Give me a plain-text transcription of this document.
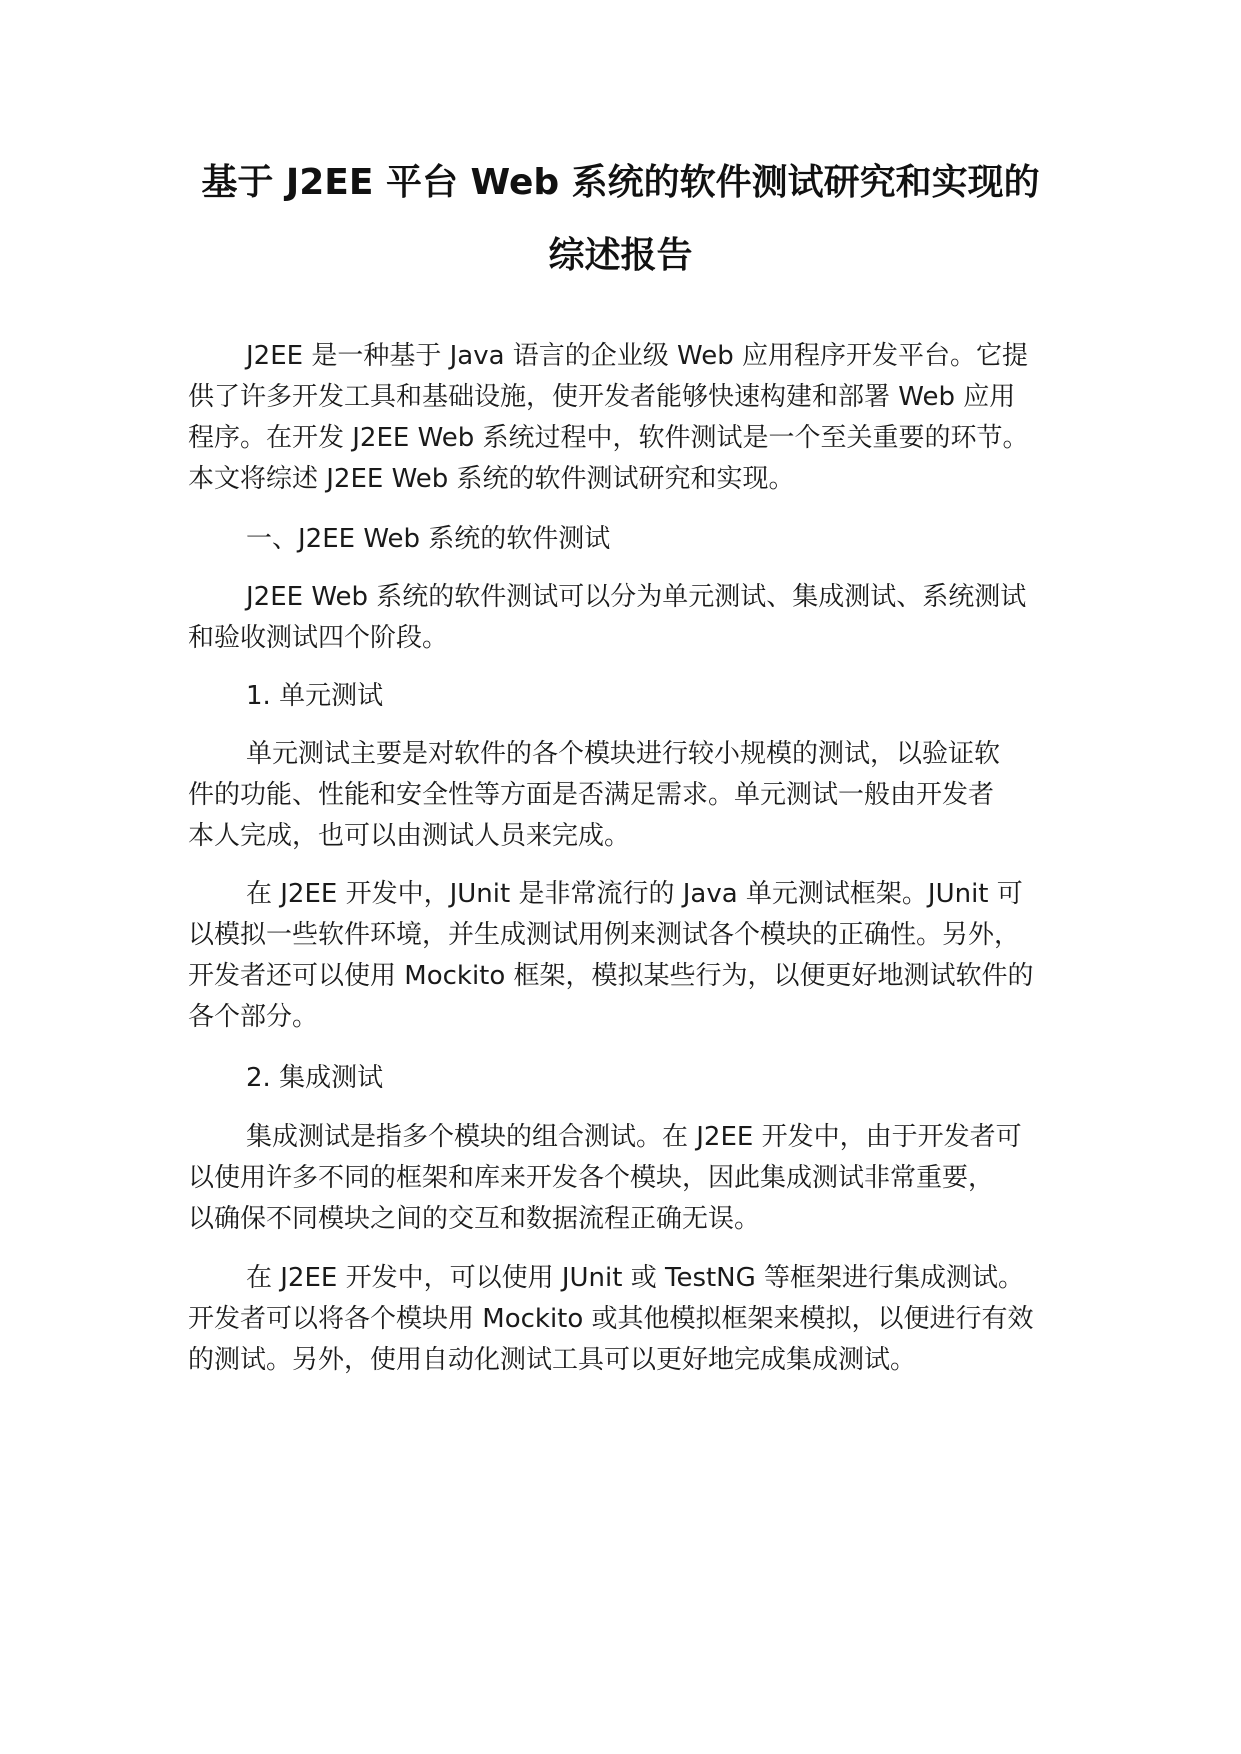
基于 J2EE 平台 Web 系统的软件测试研究和实现的
综述报告
J2EE 是一种基于 Java 语言的企业级 Web 应用程序开发平台。它提
供了许多开发工具和基础设施，使开发者能够快速构建和部署 Web 应用
程序。在开发 J2EE Web 系统过程中，软件测试是一个至关重要的环节。
本文将综述 J2EE Web 系统的软件测试研究和实现。
一、J2EE Web 系统的软件测试
J2EE Web 系统的软件测试可以分为单元测试、集成测试、系统测试
和验收测试四个阶段。
1. 单元测试
单元测试主要是对软件的各个模块进行较小规模的测试，以验证软
件的功能、性能和安全性等方面是否满足需求。单元测试一般由开发者
本人完成，也可以由测试人员来完成。
在 J2EE 开发中，JUnit 是非常流行的 Java 单元测试框架。JUnit 可
以模拟一些软件环境，并生成测试用例来测试各个模块的正确性。另外，
开发者还可以使用 Mockito 框架，模拟某些行为，以便更好地测试软件的
各个部分。
2. 集成测试
集成测试是指多个模块的组合测试。在 J2EE 开发中，由于开发者可
以使用许多不同的框架和库来开发各个模块，因此集成测试非常重要，
以确保不同模块之间的交互和数据流程正确无误。
在 J2EE 开发中，可以使用 JUnit 或 TestNG 等框架进行集成测试。
开发者可以将各个模块用 Mockito 或其他模拟框架来模拟，以便进行有效
的测试。另外，使用自动化测试工具可以更好地完成集成测试。
